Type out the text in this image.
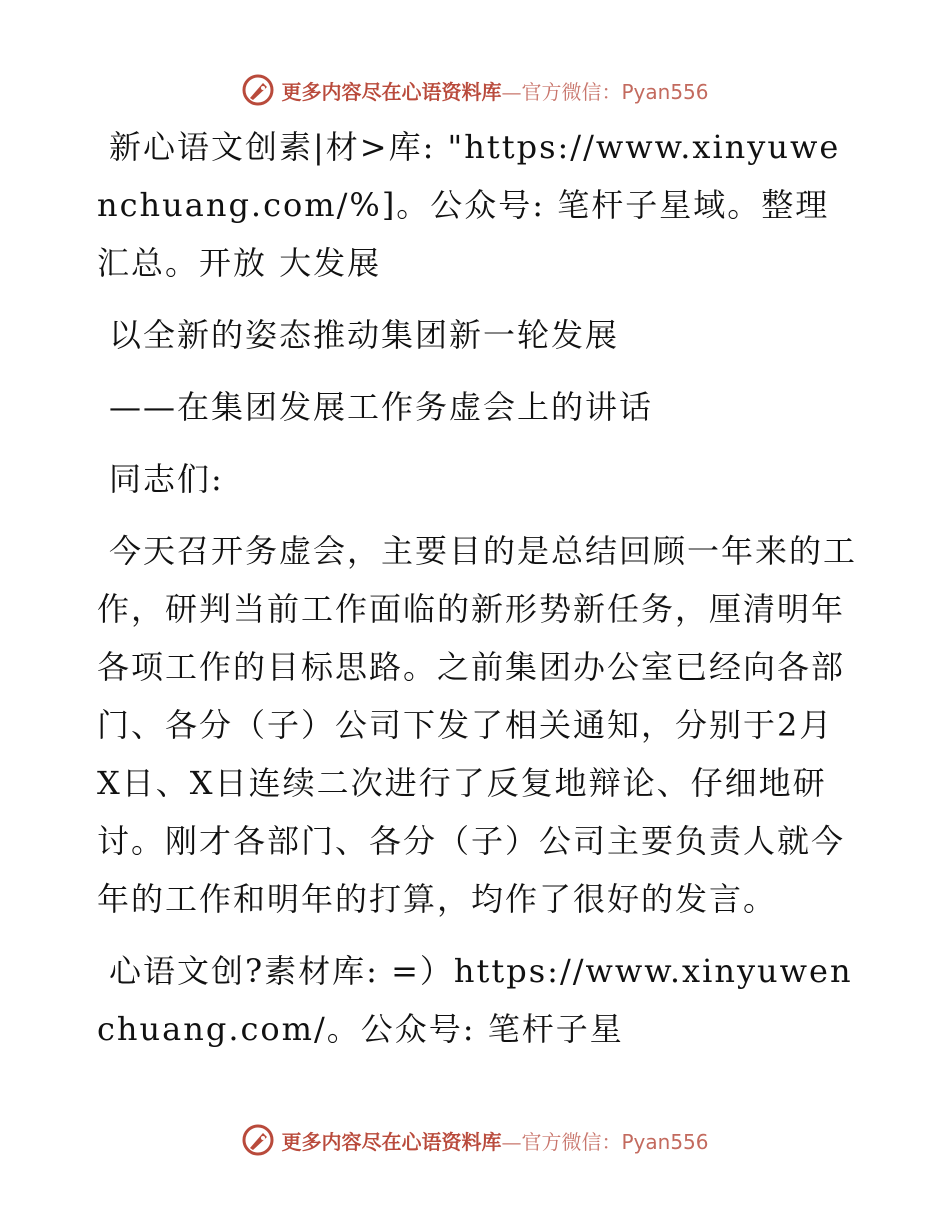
更多内容尽在心语资料库—官方微信：Pyan556

新心语文创素|材>库: "https://www.xinyuwenchuang.com/%]。公众号: 笔杆子星域。整理汇总。开放 大发展

以全新的姿态推动集团新一轮发展

——在集团发展工作务虚会上的讲话

同志们:

今天召开务虚会，主要目的是总结回顾一年来的工作，研判当前工作面临的新形势新任务，厘清明年各项工作的目标思路。之前集团办公室已经向各部门、各分（子）公司下发了相关通知，分别于2月X日、X日连续二次进行了反复地辩论、仔细地研讨。刚才各部门、各分（子）公司主要负责人就今年的工作和明年的打算，均作了很好的发言。

心语文创?素材库: =）https://www.xinyuwenchuang.com/。公众号: 笔杆子星

更多内容尽在心语资料库—官方微信：Pyan556
